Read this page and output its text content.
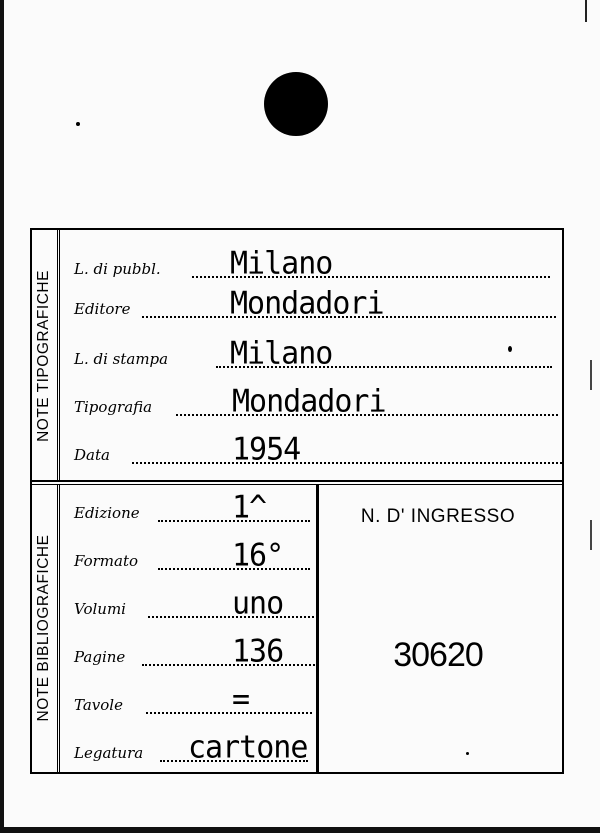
NOTE TIPOGRAFICHE
NOTE BIBLIOGRAFICHE
L. di pubbl. Milano
Editore	Mondadori
L. di stampa Milano
Tipografia	Mondadori
Data	1954
Edizione	1^
Formato	16°
Volumi	uno
Pagine	136
Tavole	=
Legatura cartone
N. D' INGRESSO
30620
